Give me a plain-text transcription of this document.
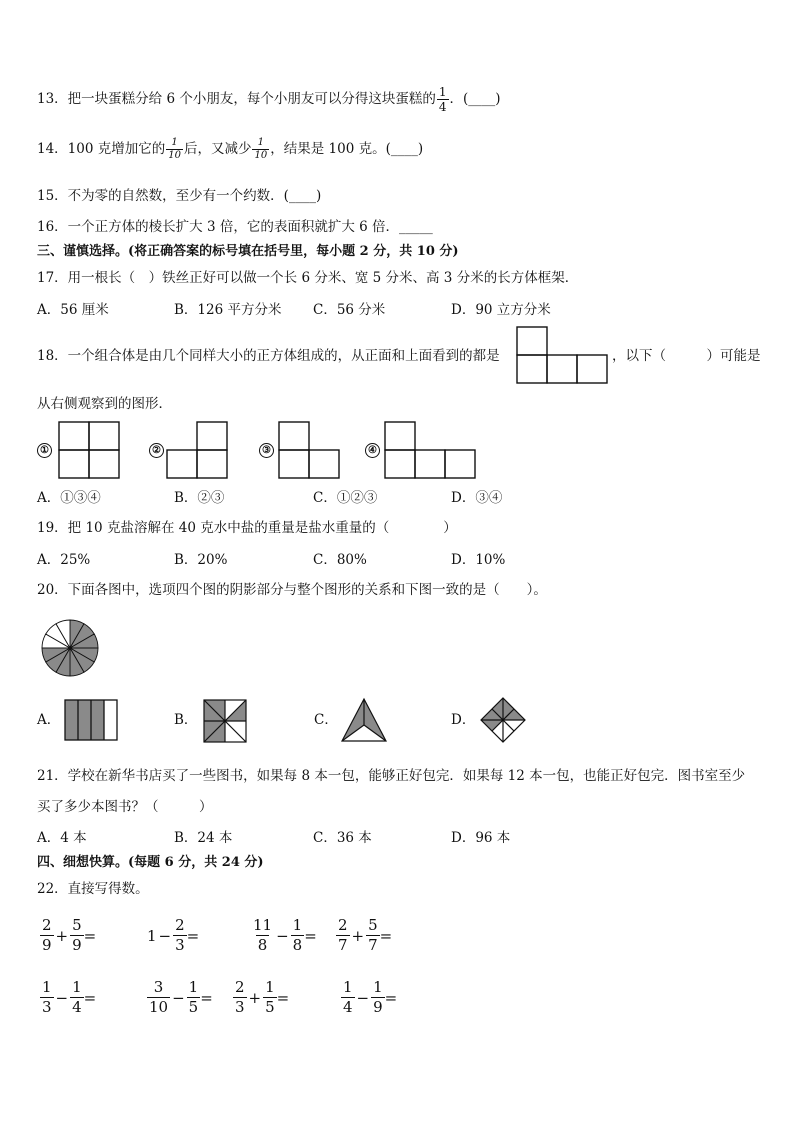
13．把一块蛋糕分给 6 个小朋友，每个小朋友可以分得这块蛋糕的 $\frac{1}{4}$ ．(____)
14．100 克增加它的 $\frac{1}{10}$ 后，又减少 $\frac{1}{10}$ ，结果是 100 克。(____)
15．不为零的自然数，至少有一个约数．(____)
16．一个正方体的棱长扩大 3 倍，它的表面积就扩大 6 倍．_____
三、谨慎选择。(将正确答案的标号填在括号里，每小题 2 分，共 10 分)
17．用一根长（　）铁丝正好可以做一个长 6 分米、宽 5 分米、高 3 分米的长方体框架．
A．56 厘米	B．126 平方分米 C．56 分米	D．90 立方分米
18．一个组合体是由几个同样大小的正方体组成的，从正面和上面看到的都是	，以下（　　　）可能是
从右侧观察到的图形．
①	②	③	④
A．①③④	B．②③	C．①②③	D．③④
19．把 10 克盐溶解在 40 克水中盐的重量是盐水重量的（　　　　）
A．25%	B．20%	C．80%	D．10%
20．下面各图中，选项四个图的阴影部分与整个图形的关系和下图一致的是（　　）。
A．	B．	C．	D．
21．学校在新华书店买了一些图书，如果每 8 本一包，能够正好包完．如果每 12 本一包，也能正好包完．图书室至少
买了多少本图书？（　　　）
A．4 本	B．24 本	C．36 本	D．96 本
四、细想快算。(每题 6 分，共 24 分)
22．直接写得数。
$\frac{2}{9} + \frac{5}{9}$ =	$1 - \frac{2}{3}$ =	$\frac{11}{8} - \frac{1}{8} = \frac{2}{7} + \frac{5}{7}$ =
$\frac{1}{3} - \frac{1}{4}$ =	$\frac{3}{10} - \frac{1}{5} = \frac{2}{3} + \frac{1}{5}$ =	$\frac{1}{4} - \frac{1}{9}$ =
